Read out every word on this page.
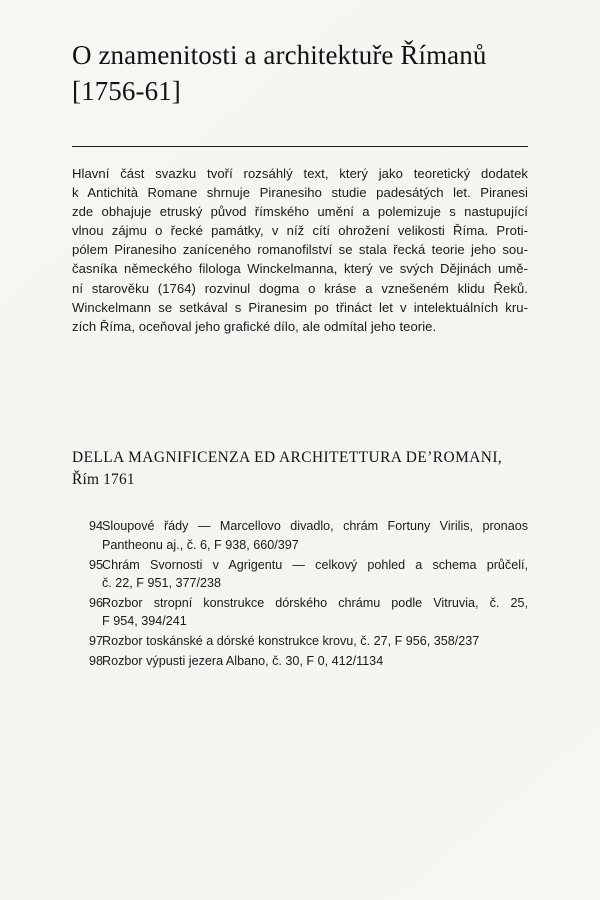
O znamenitosti a architektuře Římanů
[1756-61]
Hlavní část svazku tvoří rozsáhlý text, který jako teoretický dodatek
k Antichità Romane shrnuje Piranesiho studie padesátých let. Piranesi
zde obhajuje etruský původ římského umění a polemizuje s nastupující
vlnou zájmu o řecké památky, v níž cítí ohrožení velikosti Říma. Proti-
pólem Piranesiho zaníceného romanofilství se stala řecká teorie jeho sou-
časníka německého filologa Winckelmanna, který ve svých Dějinách umě-
ní starověku (1764) rozvinul dogma o kráse a vznešeném klidu Řeků.
Winckelmann se setkával s Piranesim po třináct let v intelektuálních kru-
zích Říma, oceňoval jeho grafické dílo, ale odmítal jeho teorie.
DELLA MAGNIFICENZA ED ARCHITETTURA DE’ROMANI,
Řím 1761
94
Sloupové řády — Marcellovo divadlo, chrám Fortuny Virilis, pronaos
Pantheonu aj., č. 6, F 938, 660/397
95
Chrám Svornosti v Agrigentu — celkový pohled a schema průčelí,
č. 22, F 951, 377/238
96
Rozbor stropní konstrukce dórského chrámu podle Vitruvia, č. 25,
F 954, 394/241
97
Rozbor toskánské a dórské konstrukce krovu, č. 27, F 956, 358/237
98
Rozbor výpusti jezera Albano, č. 30, F 0, 412/1134
